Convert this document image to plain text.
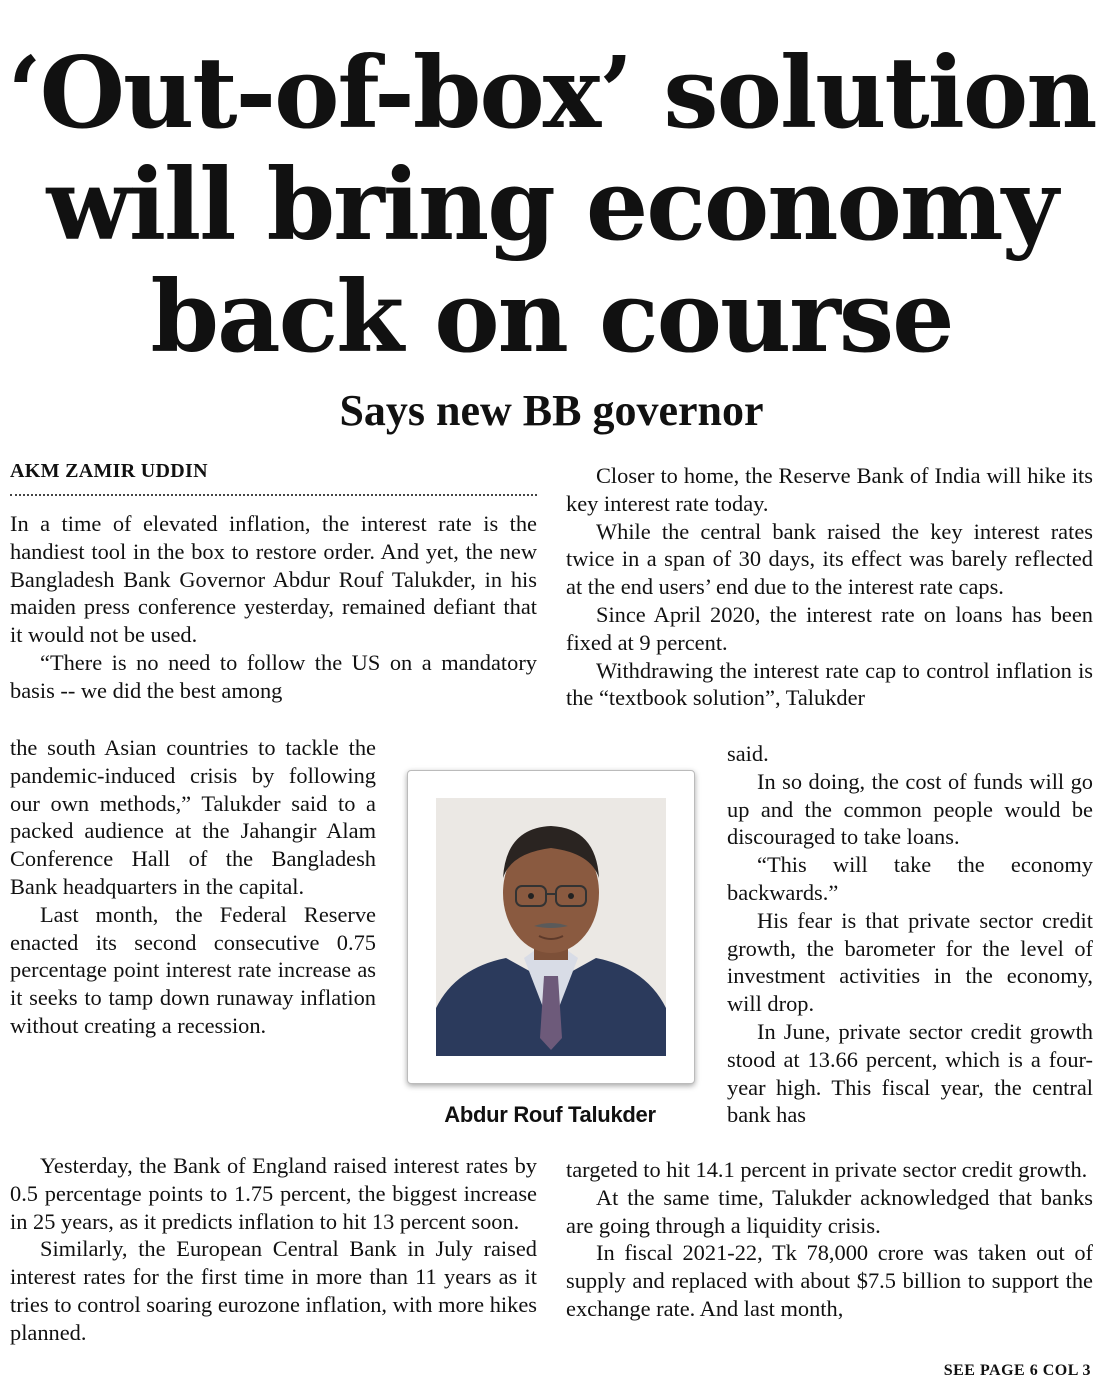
‘Out-of-box’ solution
will bring economy
back on course
Says new BB governor
AKM ZAMIR UDDIN

In a time of elevated inflation, the interest rate is the handiest tool in the box to restore order. And yet, the new Bangladesh Bank Governor Abdur Rouf Talukder, in his maiden press conference yesterday, remained defiant that it would not be used.

“There is no need to follow the US on a mandatory basis -- we did the best among

the south Asian countries to tackle the pandemic-induced crisis by following our own methods,” Talukder said to a packed audience at the Jahangir Alam Conference Hall of the Bangladesh Bank headquarters in the capital.

Last month, the Federal Reserve enacted its second consecutive 0.75 percentage point interest rate increase as it seeks to tamp down runaway inflation without creating a recession.

Yesterday, the Bank of England raised interest rates by 0.5 percentage points to 1.75 percent, the biggest increase in 25 years, as it predicts inflation to hit 13 percent soon.

Similarly, the European Central Bank in July raised interest rates for the first time in more than 11 years as it tries to control soaring eurozone inflation, with more hikes planned.

Closer to home, the Reserve Bank of India will hike its key interest rate today.

While the central bank raised the key interest rates twice in a span of 30 days, its effect was barely reflected at the end users’ end due to the interest rate caps.

Since April 2020, the interest rate on loans has been fixed at 9 percent.

Withdrawing the interest rate cap to control inflation is the “textbook solution”, Talukder

said.

In so doing, the cost of funds will go up and the common people would be discouraged to take loans.

“This will take the economy backwards.”

His fear is that private sector credit growth, the barometer for the level of investment activities in the economy, will drop.

In June, private sector credit growth stood at 13.66 percent, which is a four-year high. This fiscal year, the central bank has

targeted to hit 14.1 percent in private sector credit growth.

At the same time, Talukder acknowledged that banks are going through a liquidity crisis.

In fiscal 2021-22, Tk 78,000 crore was taken out of supply and replaced with about $7.5 billion to support the exchange rate. And last month,

Abdur Rouf Talukder
SEE PAGE 6 COL 3
